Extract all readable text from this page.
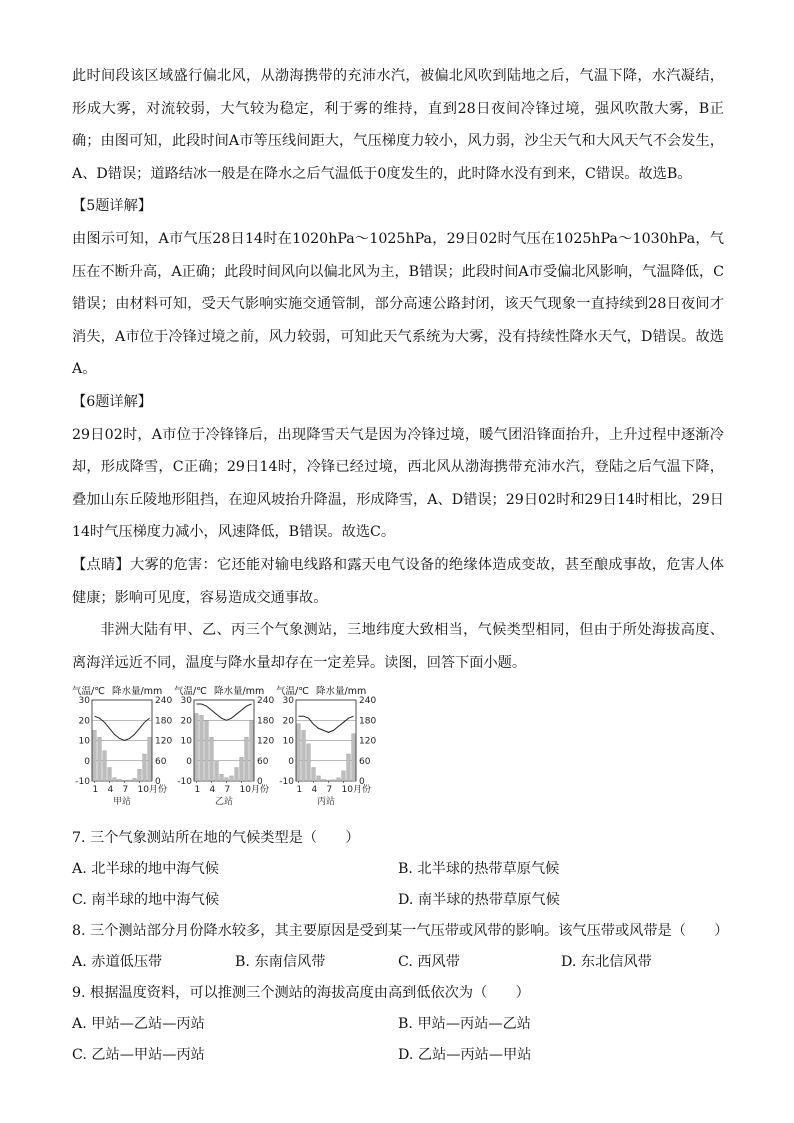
此时间段该区域盛行偏北风，从渤海携带的充沛水汽，被偏北风吹到陆地之后，气温下降，水汽凝结，形成大雾，对流较弱，大气较为稳定，利于雾的维持，直到28日夜间冷锋过境，强风吹散大雾，B正确；由图可知，此段时间A市等压线间距大，气压梯度力较小，风力弱，沙尘天气和大风天气不会发生，A、D错误；道路结冰一般是在降水之后气温低于0度发生的，此时降水没有到来，C错误。故选B。

【5题详解】

由图示可知，A市气压28日14时在1020hPa～1025hPa，29日02时气压在1025hPa～1030hPa，气压在不断升高，A正确；此段时间风向以偏北风为主，B错误；此段时间A市受偏北风影响，气温降低，C错误；由材料可知，受天气影响实施交通管制，部分高速公路封闭，该天气现象一直持续到28日夜间才消失，A市位于冷锋过境之前，风力较弱，可知此天气系统为大雾，没有持续性降水天气，D错误。故选A。

【6题详解】

29日02时，A市位于冷锋锋后，出现降雪天气是因为冷锋过境，暖气团沿锋面抬升，上升过程中逐渐冷却，形成降雪，C正确；29日14时，冷锋已经过境，西北风从渤海携带充沛水汽，登陆之后气温下降，叠加山东丘陵地形阻挡，在迎风坡抬升降温，形成降雪，A、D错误；29日02时和29日14时相比，29日14时气压梯度力减小，风速降低，B错误。故选C。

【点睛】大雾的危害：它还能对输电线路和露天电气设备的绝缘体造成变故，甚至酿成事故，危害人体健康；影响可见度，容易造成交通事故。

非洲大陆有甲、乙、丙三个气象测站，三地纬度大致相当，气候类型相同，但由于所处海拔高度、离海洋远近不同，温度与降水量却存在一定差异。读图，回答下面小题。

气温/℃ 降水量/mm
30
20
10
0
-10
240
180
120
60
0
1 4 7 10月份
甲站
气温/℃ 降水量/mm
30
20
10
0
-10
240
180
120
60
0
1 4 7 10月份
乙站
气温/℃ 降水量/mm
30
20
10
0
-10
240
180
120
60
0
1 4 7 10月份
丙站

7. 三个气象测站所在地的气候类型是（　　）

A. 北半球的地中海气候	B. 北半球的热带草原气候
C. 南半球的地中海气候	D. 南半球的热带草原气候

8. 三个测站部分月份降水较多，其主要原因是受到某一气压带或风带的影响。该气压带或风带是（　　）

A. 赤道低压带	B. 东南信风带	C. 西风带	D. 东北信风带

9. 根据温度资料，可以推测三个测站的海拔高度由高到低依次为（　　）

A. 甲站—乙站—丙站	B. 甲站—丙站—乙站
C. 乙站—甲站—丙站	D. 乙站—丙站—甲站
